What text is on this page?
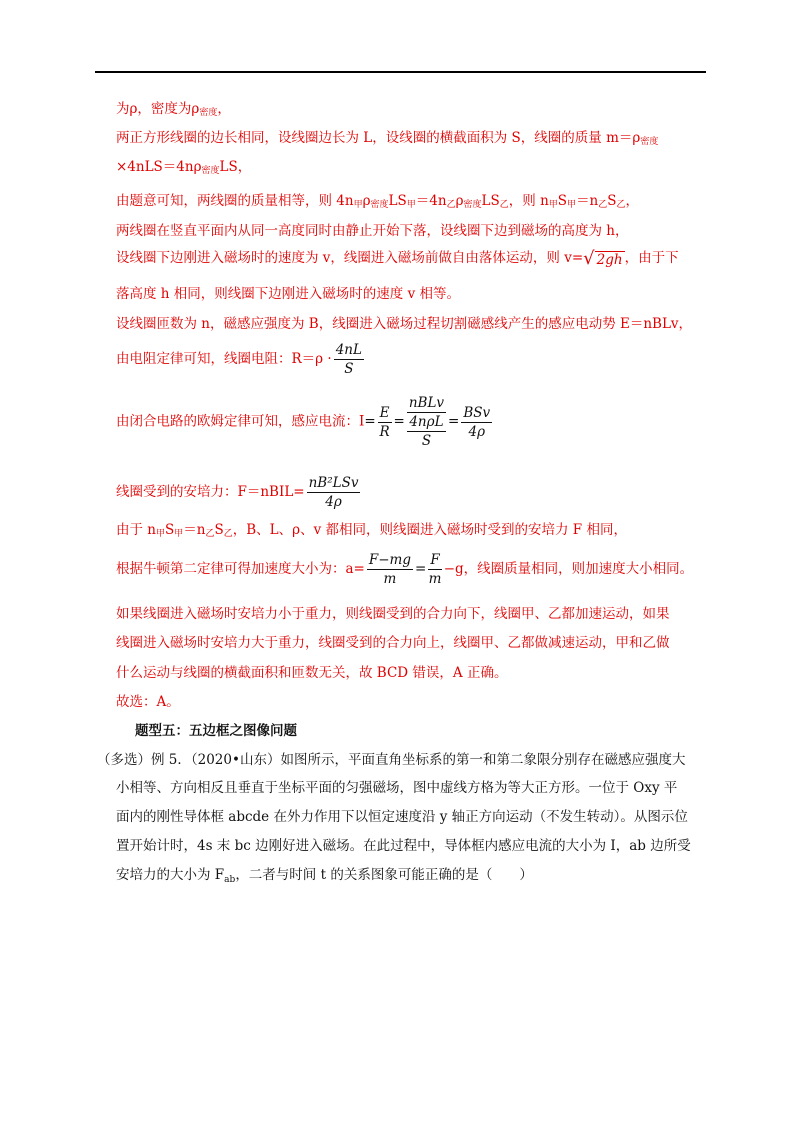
为ρ，密度为$\rho_{密度}$，
两正方形线圈的边长相同，设线圈边长为 L，设线圈的横截面积为 S，线圈的质量 $m=\rho_{密度}$
$\times 4nLS=4n\rho_{密度}LS$，
由题意可知，两线圈的质量相等，则 $4n_甲\rho_{密度}LS_甲=4n_乙\rho_{密度}LS_乙$，则 $n_甲S_甲=n_乙S_乙$，
两线圈在竖直平面内从同一高度同时由静止开始下落，设线圈下边到磁场的高度为 h，
设线圈下边刚进入磁场时的速度为 v，线圈进入磁场前做自由落体运动，则 v= √ 2gh ，由于下
落高度 h 相同，则线圈下边刚进入磁场时的速度 v 相等。
设线圈匝数为 n，磁感应强度为 B，线圈进入磁场过程切割磁感线产生的感应电动势 E＝nBLv，
由电阻定律可知，线圈电阻：$R=\rho \cdot \frac{4nL}{S}$
由闭合电路的欧姆定律可知，感应电流：$I= \frac{E}{R} = \frac{\text{nBLv}}{\frac{\text{4nρL}}{S}} = \frac{\text{BSv}}{4\rho}$
线圈受到的安培力：F＝nBIL= $\frac{\text{nB²LSv}}{4\rho}$
由于 $n_甲S_甲=n_乙S_乙$，B、L、ρ、v 都相同，则线圈进入磁场时受到的安培力 F 相同，
根据牛顿第二定律可得加速度大小为：$a= \frac{F-mg}{m} = \frac{F}{m} -g$，线圈质量相同，则加速度大小相同。
如果线圈进入磁场时安培力小于重力，则线圈受到的合力向下，线圈甲、乙都加速运动，如果
线圈进入磁场时安培力大于重力，线圈受到的合力向上，线圈甲、乙都做减速运动，甲和乙做
什么运动与线圈的横截面积和匝数无关，故 BCD 错误，A 正确。
故选：A。
题型五：五边框之图像问题
（多选）例 5．（2020•山东）如图所示，平面直角坐标系的第一和第二象限分别存在磁感应强度大
小相等、方向相反且垂直于坐标平面的匀强磁场，图中虚线方格为等大正方形。一位于 Oxy 平
面内的刚性导体框 abcde 在外力作用下以恒定速度沿 y 轴正方向运动（不发生转动）。从图示位
置开始计时，4s 末 bc 边刚好进入磁场。在此过程中，导体框内感应电流的大小为 I，ab 边所受
安培力的大小为 $F_{ab}$，二者与时间 t 的关系图象可能正确的是（　　）
